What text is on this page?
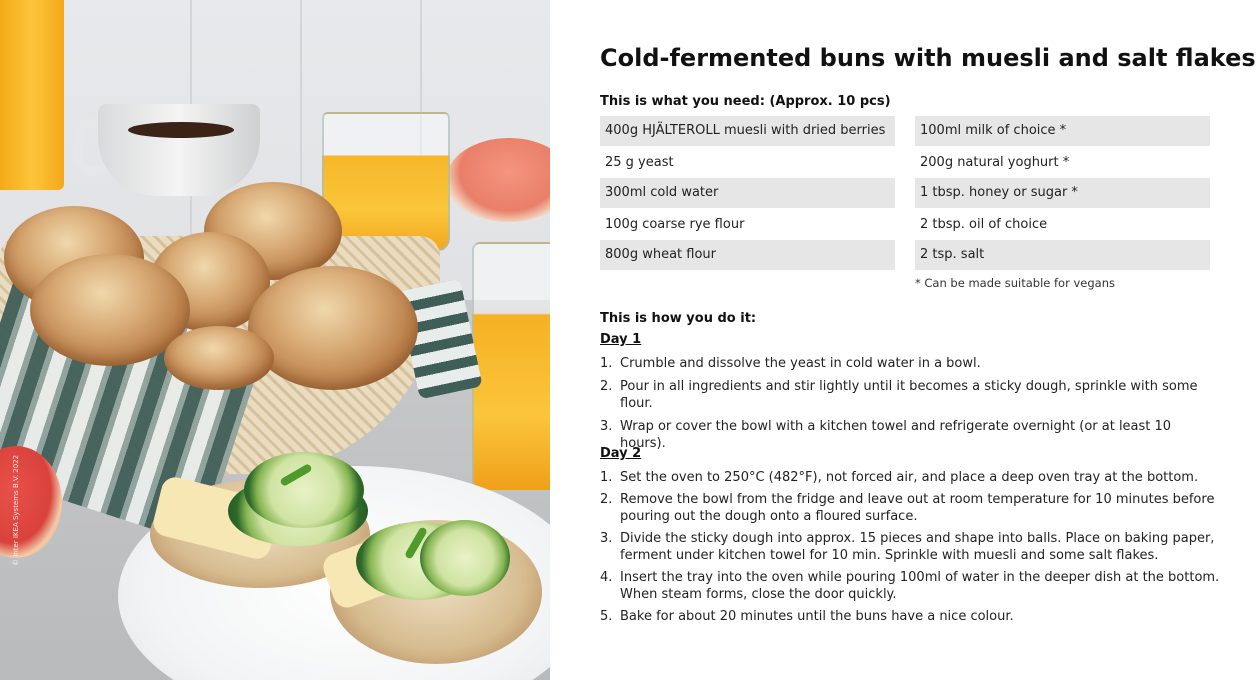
© Inter IKEA Systems B.V. 2022
Cold-fermented buns with muesli and salt flakes
This is what you need: (Approx. 10 pcs)
400g HJÄLTEROLL muesli with dried berries
25 g yeast
300ml cold water
100g coarse rye flour
800g wheat flour
100ml milk of choice *
200g natural yoghurt *
1 tbsp. honey or sugar *
2 tbsp. oil of choice
2 tsp. salt
* Can be made suitable for vegans
This is how you do it:
Day 1
1. Crumble and dissolve the yeast in cold water in a bowl.
2. Pour in all ingredients and stir lightly until it becomes a sticky dough, sprinkle with some flour.
3. Wrap or cover the bowl with a kitchen towel and refrigerate overnight (or at least 10 hours).
Day 2
1. Set the oven to 250°C (482°F), not forced air, and place a deep oven tray at the bottom.
2. Remove the bowl from the fridge and leave out at room temperature for 10 minutes before pouring out the dough onto a floured surface.
3. Divide the sticky dough into approx. 15 pieces and shape into balls. Place on baking paper, ferment under kitchen towel for 10 min. Sprinkle with muesli and some salt flakes.
4. Insert the tray into the oven while pouring 100ml of water in the deeper dish at the bottom. When steam forms, close the door quickly.
5. Bake for about 20 minutes until the buns have a nice colour.
